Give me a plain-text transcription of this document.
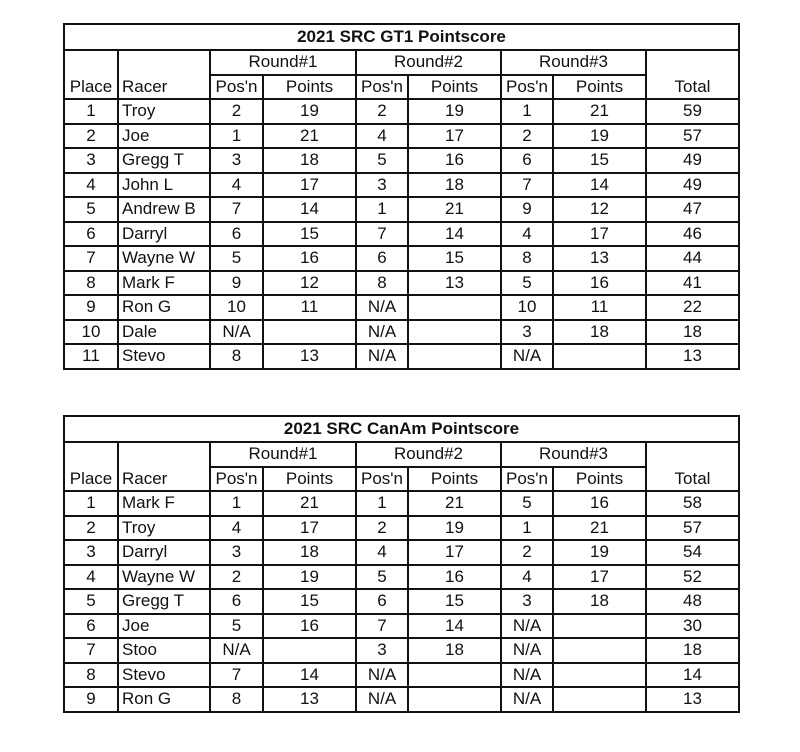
2021 SRC GT1 Pointscore								
Place	Racer	Round#1		Round#2		Round#3		Total
		Pos'n	Points	Pos'n	Points	Pos'n	Points	
1	Troy	2	19	2	19	1	21	59
2	Joe	1	21	4	17	2	19	57
3	Gregg T	3	18	5	16	6	15	49
4	John L	4	17	3	18	7	14	49
5	Andrew B	7	14	1	21	9	12	47
6	Darryl	6	15	7	14	4	17	46
7	Wayne W	5	16	6	15	8	13	44
8	Mark F	9	12	8	13	5	16	41
9	Ron G	10	11	N/A		10	11	22
10	Dale	N/A		N/A		3	18	18
11	Stevo	8	13	N/A		N/A		13
2021 SRC CanAm Pointscore								
Place	Racer	Round#1		Round#2		Round#3		Total
		Pos'n	Points	Pos'n	Points	Pos'n	Points	
1	Mark F	1	21	1	21	5	16	58
2	Troy	4	17	2	19	1	21	57
3	Darryl	3	18	4	17	2	19	54
4	Wayne W	2	19	5	16	4	17	52
5	Gregg T	6	15	6	15	3	18	48
6	Joe	5	16	7	14	N/A		30
7	Stoo	N/A		3	18	N/A		18
8	Stevo	7	14	N/A		N/A		14
9	Ron G	8	13	N/A		N/A		13
